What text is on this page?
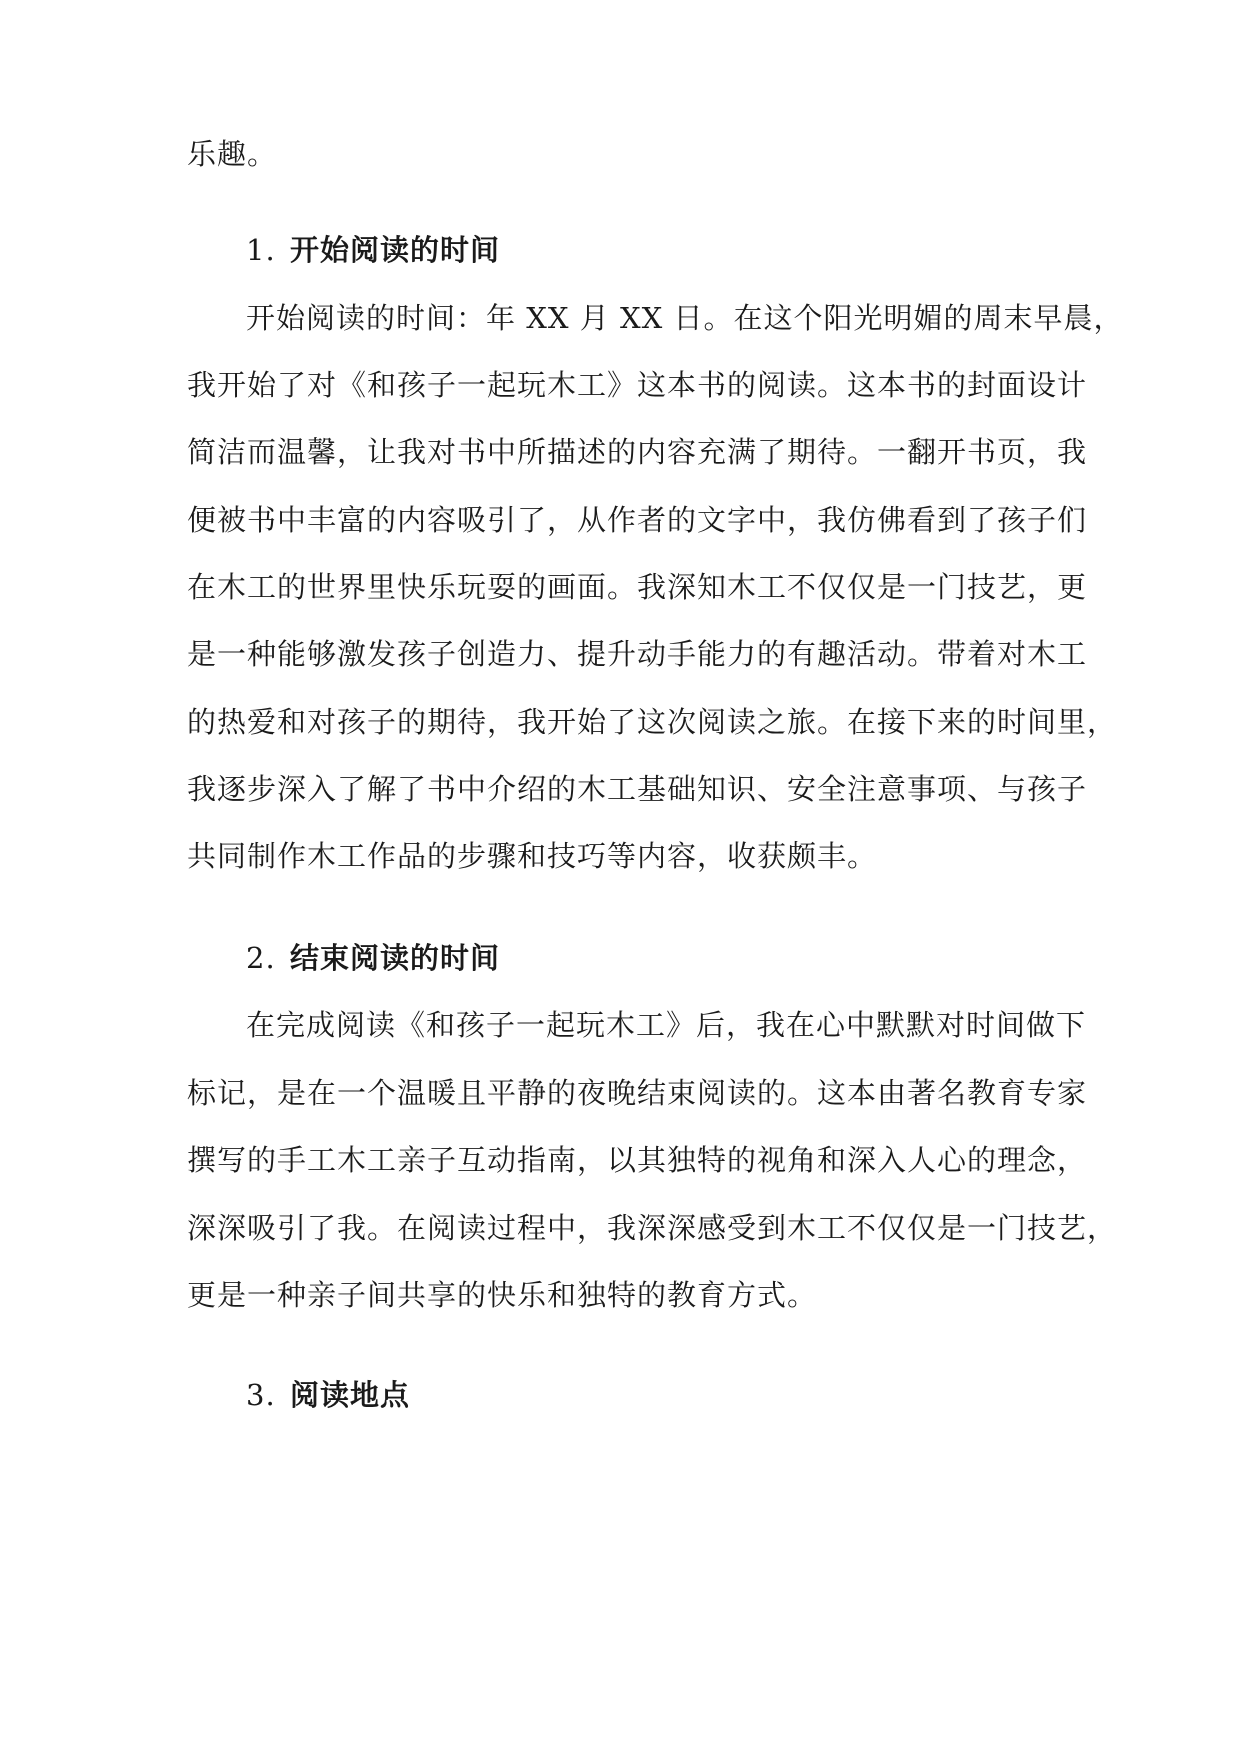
乐趣。
1. 开始阅读的时间
开始阅读的时间：年 XX 月 XX 日。在这个阳光明媚的周末早晨，
我开始了对《和孩子一起玩木工》这本书的阅读。这本书的封面设计
简洁而温馨，让我对书中所描述的内容充满了期待。一翻开书页，我
便被书中丰富的内容吸引了，从作者的文字中，我仿佛看到了孩子们
在木工的世界里快乐玩耍的画面。我深知木工不仅仅是一门技艺，更
是一种能够激发孩子创造力、提升动手能力的有趣活动。带着对木工
的热爱和对孩子的期待，我开始了这次阅读之旅。在接下来的时间里，
我逐步深入了解了书中介绍的木工基础知识、安全注意事项、与孩子
共同制作木工作品的步骤和技巧等内容，收获颇丰。
2. 结束阅读的时间
在完成阅读《和孩子一起玩木工》后，我在心中默默对时间做下
标记，是在一个温暖且平静的夜晚结束阅读的。这本由著名教育专家
撰写的手工木工亲子互动指南，以其独特的视角和深入人心的理念，
深深吸引了我。在阅读过程中，我深深感受到木工不仅仅是一门技艺，
更是一种亲子间共享的快乐和独特的教育方式。
3. 阅读地点
